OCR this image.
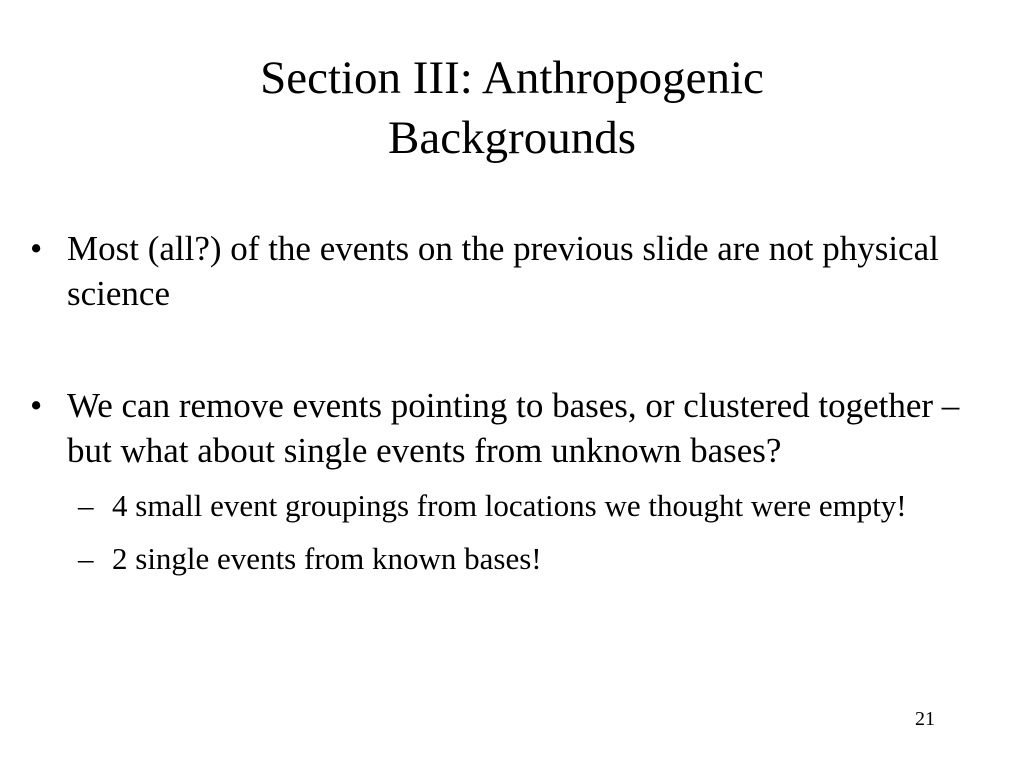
Section III: Anthropogenic
Backgrounds
• Most (all?) of the events on the previous slide are not physical science
• We can remove events pointing to bases, or clustered together – but what about single events from unknown bases?
– 4 small event groupings from locations we thought were empty!
– 2 single events from known bases!
21
